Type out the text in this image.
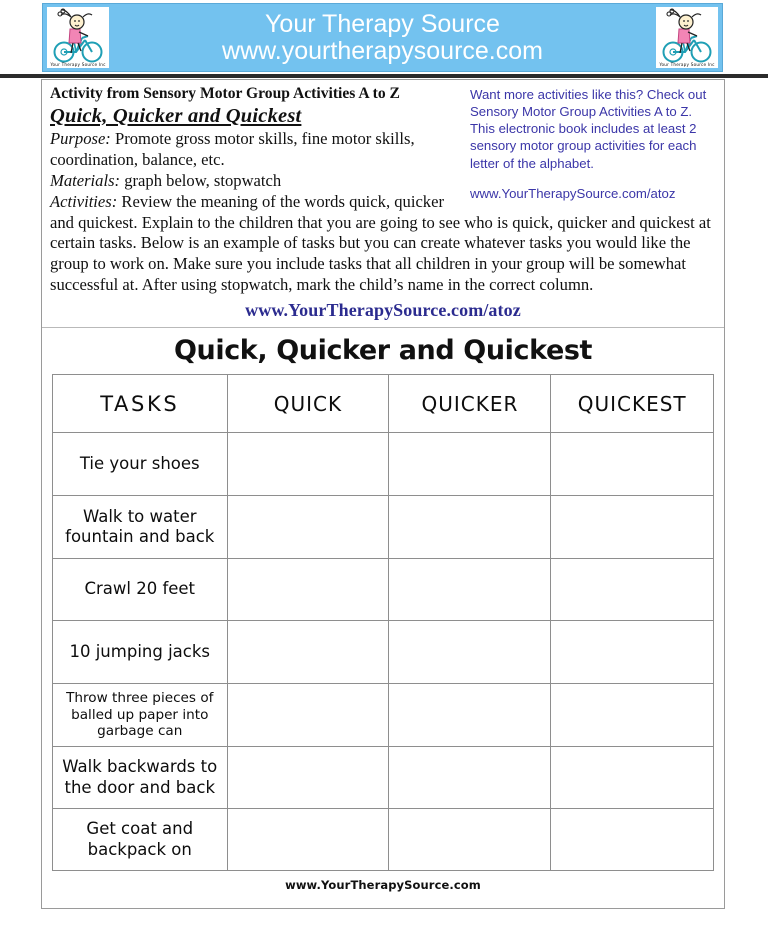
Your Therapy Source Inc
Your Therapy Source
www.yourtherapysource.com	Your Therapy Source Inc
Want more activities like this? Check out Sensory Motor Group Activities A to Z. This electronic book includes at least 2 sensory motor group activities for each letter of the alphabet.
www.YourTherapySource.com/atoz
Activity from Sensory Motor Group Activities A to Z
Quick, Quicker and Quickest
Purpose: Promote gross motor skills, fine motor skills, coordination, balance, etc.
Materials: graph below, stopwatch
Activities: Review the meaning of the words quick, quicker and quickest. Explain to the children that you are going to see who is quick, quicker and quickest at certain tasks. Below is an example of tasks but you can create whatever tasks you would like the group to work on. Make sure you include tasks that all children in your group will be somewhat successful at. After using stopwatch, mark the child’s name in the correct column.
www.YourTherapySource.com/atoz
Quick, Quicker and Quickest
TASKS	QUICK	QUICKER	QUICKEST
Tie your shoes			
Walk to water fountain and back			
Crawl 20 feet			
10 jumping jacks			
Throw three pieces of balled up paper into garbage can			
Walk backwards to the door and back			
Get coat and backpack on			
www.YourTherapySource.com
